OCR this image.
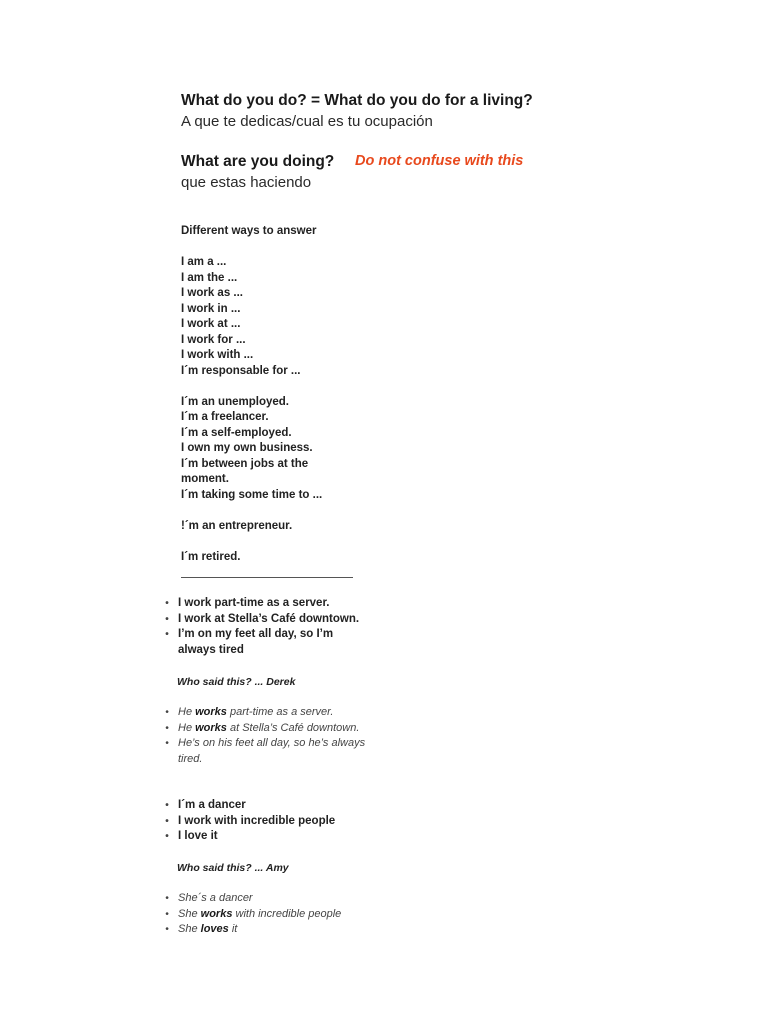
What do you do? = What do you do for a living?
A que te dedicas/cual es tu ocupación
What are you doing? Do not confuse with this
que estas haciendo
Different ways to answer
I am a ...
I am the ...
I work as ...
I work in ...
I work at ...
I work for ...
I work with ...
I´m responsable for ...
I´m an unemployed.
I´m a freelancer.
I´m a self-employed.
I own my own business.
I´m between jobs at the
moment.
I´m taking some time to ...
!´m an entrepreneur.
I´m retired.
• I work part-time as a server.
• I work at Stella’s Café downtown.
• I’m on my feet all day, so I’m
always tired
Who said this? ... Derek
• He works part-time as a server.
• He works at Stella’s Café downtown.
• He’s on his feet all day, so he’s always
tired.
• I´m a dancer
• I work with incredible people
• I love it
Who said this? ... Amy
• She´s a dancer
• She works with incredible people
• She loves it
